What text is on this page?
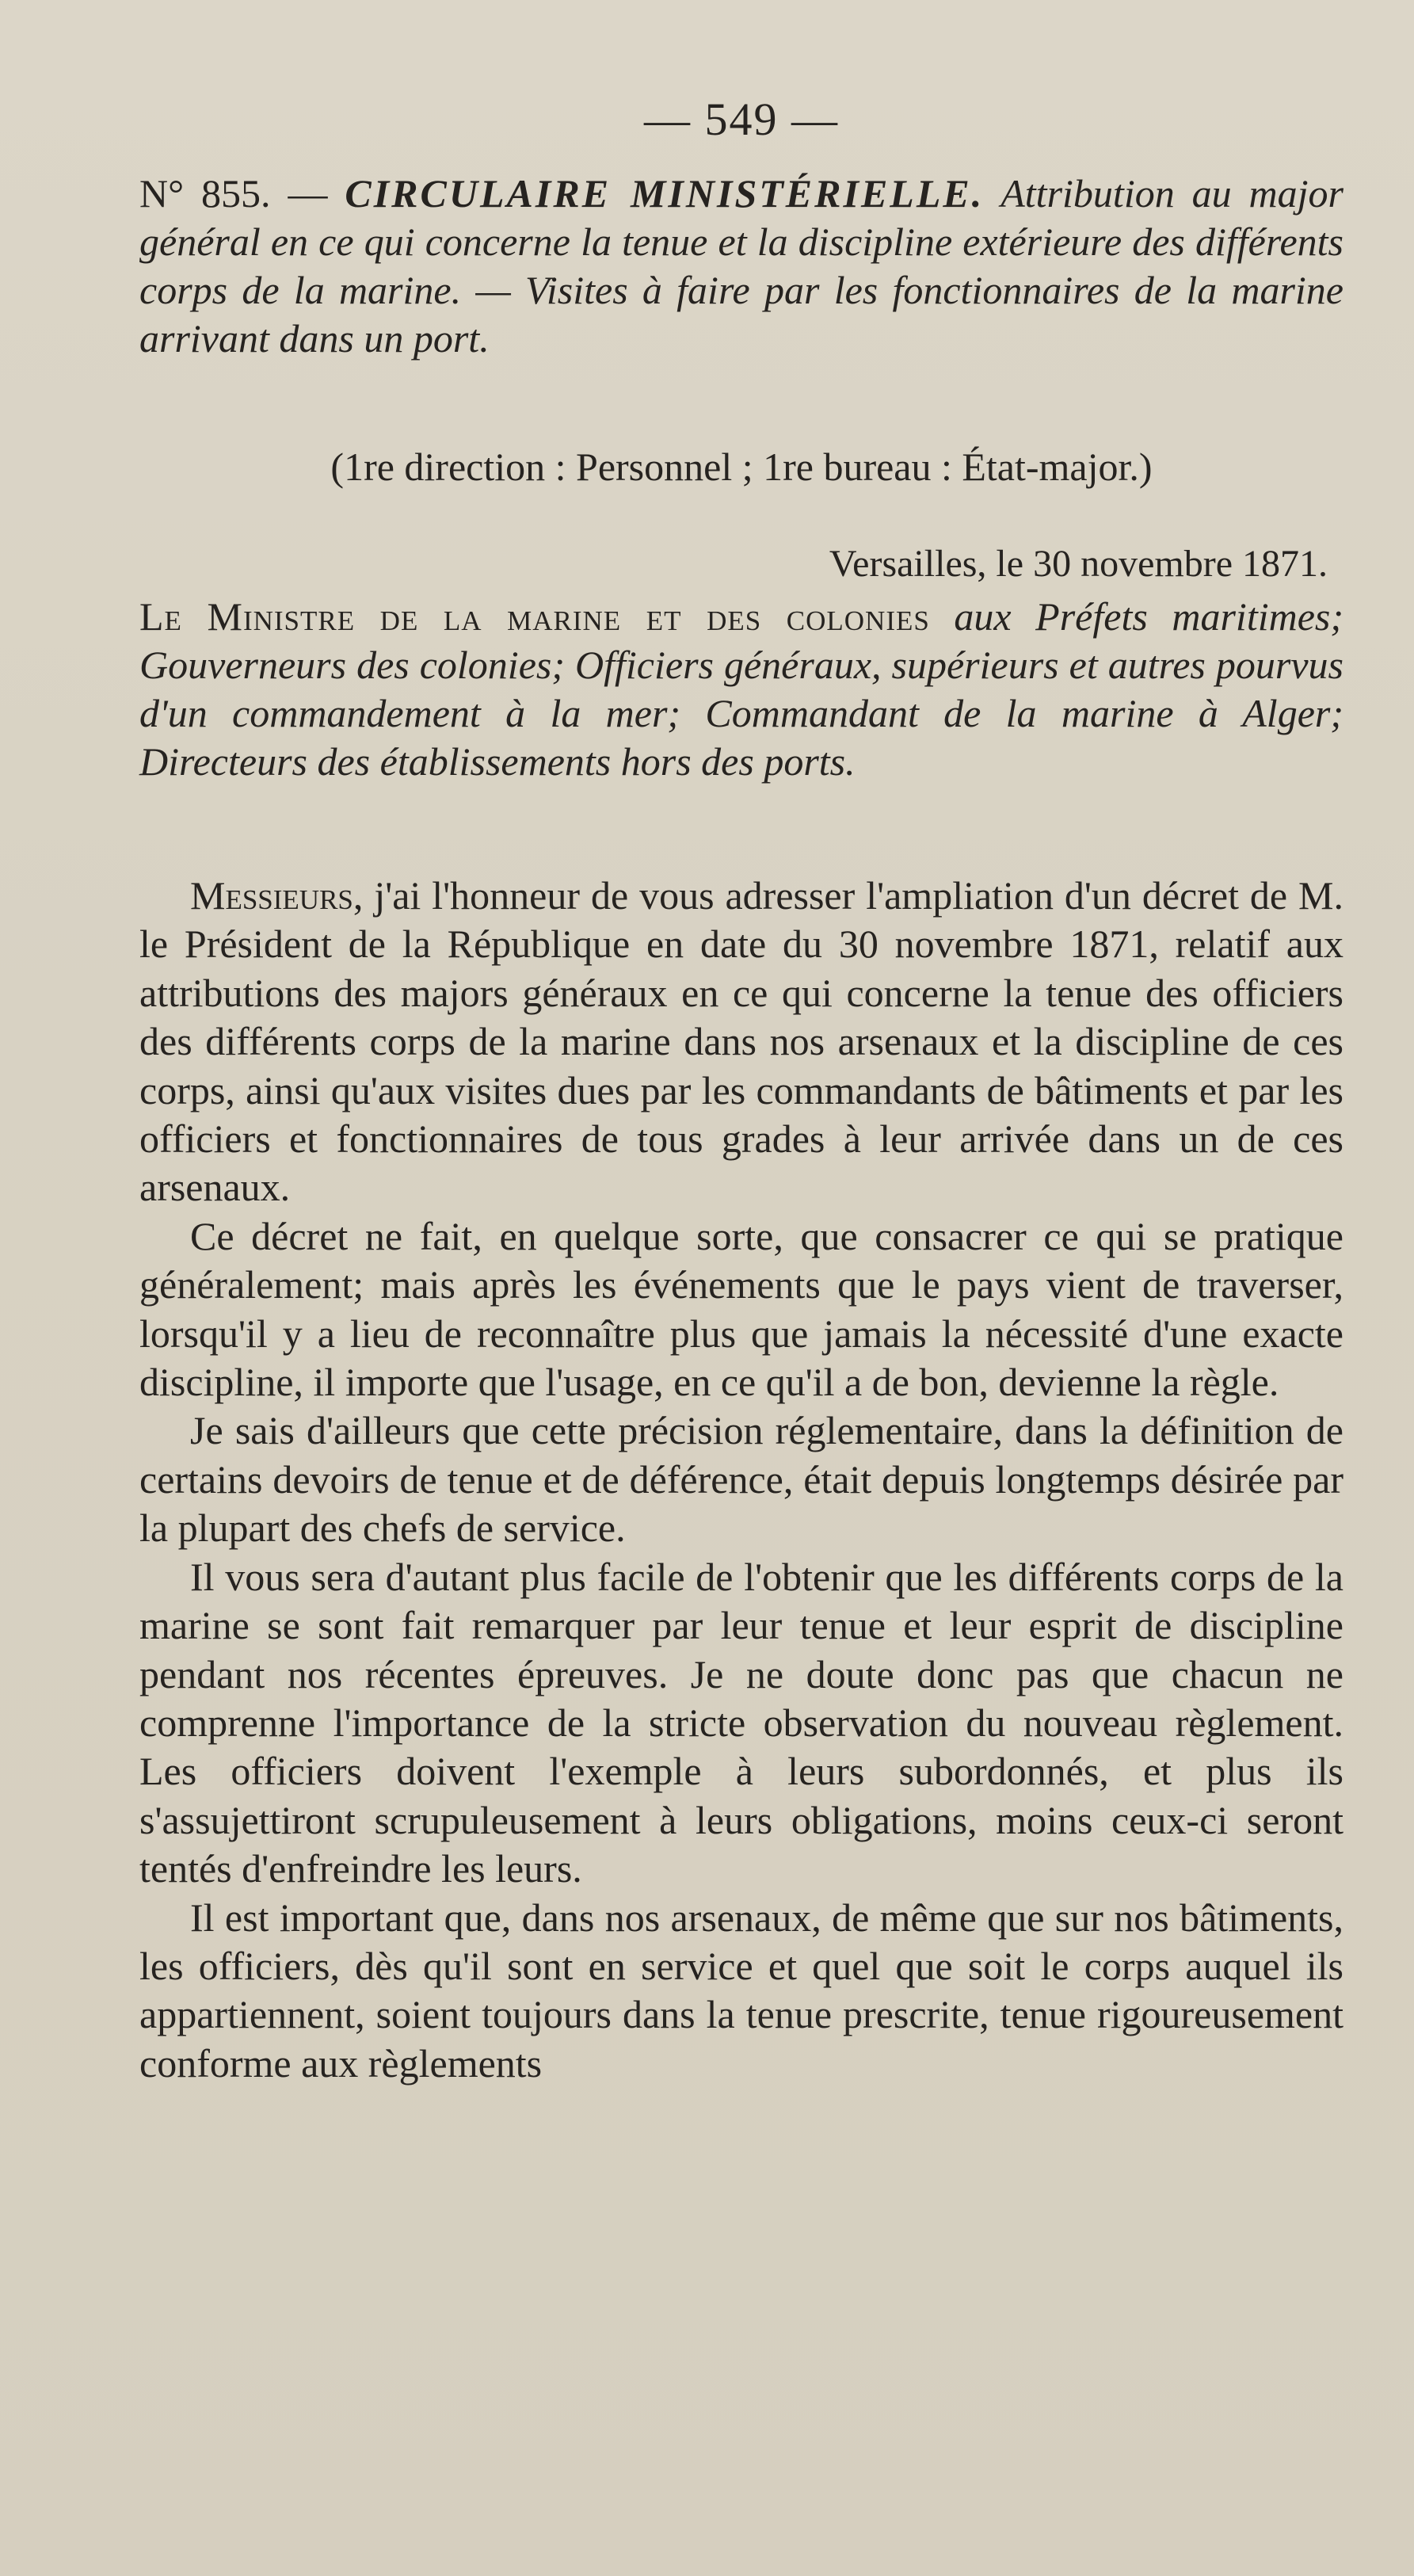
— 549 —
N° 855. — CIRCULAIRE MINISTÉRIELLE. Attribution au major général en ce qui concerne la tenue et la discipline extérieure des différents corps de la marine. — Visites à faire par les fonctionnaires de la marine arrivant dans un port.
(1re direction : Personnel ; 1re bureau : État-major.)
Versailles, le 30 novembre 1871.
Le Ministre de la marine et des colonies aux Préfets maritimes; Gouverneurs des colonies; Officiers généraux, supérieurs et autres pourvus d'un commandement à la mer; Commandant de la marine à Alger; Directeurs des établissements hors des ports.

Messieurs, j'ai l'honneur de vous adresser l'ampliation d'un décret de M. le Président de la République en date du 30 novembre 1871, relatif aux attributions des majors généraux en ce qui concerne la tenue des officiers des différents corps de la marine dans nos arsenaux et la discipline de ces corps, ainsi qu'aux visites dues par les commandants de bâtiments et par les officiers et fonctionnaires de tous grades à leur arrivée dans un de ces arsenaux.

Ce décret ne fait, en quelque sorte, que consacrer ce qui se pratique généralement; mais après les événements que le pays vient de traverser, lorsqu'il y a lieu de reconnaître plus que jamais la nécessité d'une exacte discipline, il importe que l'usage, en ce qu'il a de bon, devienne la règle.

Je sais d'ailleurs que cette précision réglementaire, dans la définition de certains devoirs de tenue et de déférence, était depuis longtemps désirée par la plupart des chefs de service.

Il vous sera d'autant plus facile de l'obtenir que les différents corps de la marine se sont fait remarquer par leur tenue et leur esprit de discipline pendant nos récentes épreuves. Je ne doute donc pas que chacun ne comprenne l'importance de la stricte observation du nouveau règlement. Les officiers doivent l'exemple à leurs subordonnés, et plus ils s'assujettiront scrupuleusement à leurs obligations, moins ceux-ci seront tentés d'enfreindre les leurs.

Il est important que, dans nos arsenaux, de même que sur nos bâtiments, les officiers, dès qu'il sont en service et quel que soit le corps auquel ils appartiennent, soient toujours dans la tenue prescrite, tenue rigoureusement conforme aux règlements
